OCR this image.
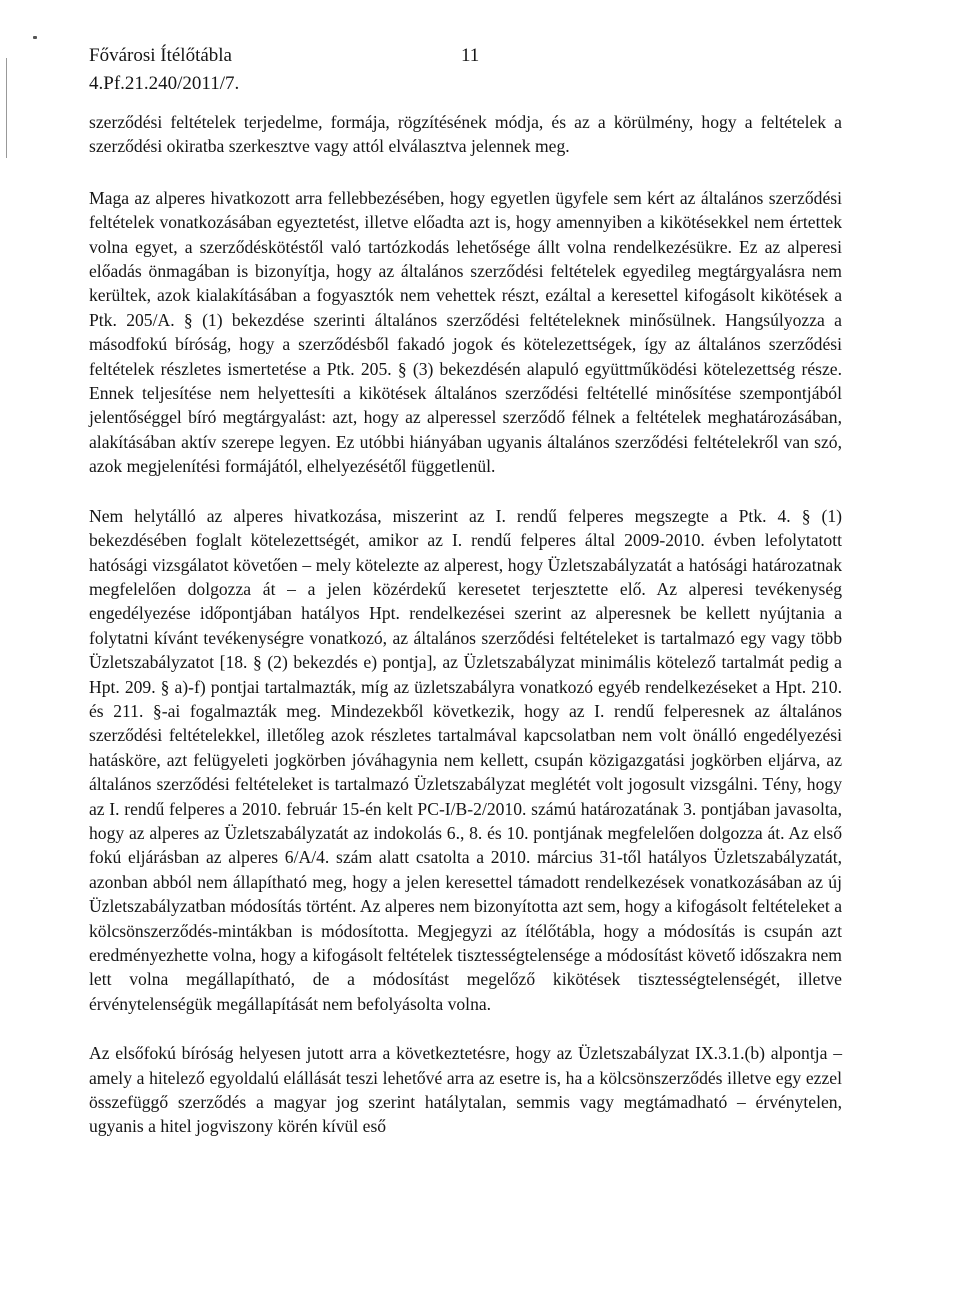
Fővárosi Ítélőtábla	11
4.Pf.21.240/2011/7.

szerződési feltételek terjedelme, formája, rögzítésének módja, és az a körülmény, hogy a feltételek a szerződési okiratba szerkesztve vagy attól elválasztva jelennek meg.

Maga az alperes hivatkozott arra fellebbezésében, hogy egyetlen ügyfele sem kért az általános szerződési feltételek vonatkozásában egyeztetést, illetve előadta azt is, hogy amennyiben a kikötésekkel nem értettek volna egyet, a szerződéskötéstől való tartózkodás lehetősége állt volna rendelkezésükre. Ez az alperesi előadás önmagában is bizonyítja, hogy az általános szerződési feltételek egyedileg megtárgyalásra nem kerültek, azok kialakításában a fogyasztók nem vehettek részt, ezáltal a keresettel kifogásolt kikötések a Ptk. 205/A. § (1) bekezdése szerinti általános szerződési feltételeknek minősülnek. Hangsúlyozza a másodfokú bíróság, hogy a szerződésből fakadó jogok és kötelezettségek, így az általános szerződési feltételek részletes ismertetése a Ptk. 205. § (3) bekezdésén alapuló együttműködési kötelezettség része. Ennek teljesítése nem helyettesíti a kikötések általános szerződési feltétellé minősítése szempontjából jelentőséggel bíró megtárgyalást: azt, hogy az alperessel szerződő félnek a feltételek meghatározásában, alakításában aktív szerepe legyen. Ez utóbbi hiányában ugyanis általános szerződési feltételekről van szó, azok megjelenítési formájától, elhelyezésétől függetlenül.

Nem helytálló az alperes hivatkozása, miszerint az I. rendű felperes megszegte a Ptk. 4. § (1) bekezdésében foglalt kötelezettségét, amikor az I. rendű felperes által 2009-2010. évben lefolytatott hatósági vizsgálatot követően – mely kötelezte az alperest, hogy Üzletszabályzatát a hatósági határozatnak megfelelően dolgozza át – a jelen közérdekű keresetet terjesztette elő. Az alperesi tevékenység engedélyezése időpontjában hatályos Hpt. rendelkezései szerint az alperesnek be kellett nyújtania a folytatni kívánt tevékenységre vonatkozó, az általános szerződési feltételeket is tartalmazó egy vagy több Üzletszabályzatot [18. § (2) bekezdés e) pontja], az Üzletszabályzat minimális kötelező tartalmát pedig a Hpt. 209. § a)-f) pontjai tartalmazták, míg az üzletszabályra vonatkozó egyéb rendelkezéseket a Hpt. 210. és 211. §-ai fogalmazták meg. Mindezekből következik, hogy az I. rendű felperesnek az általános szerződési feltételekkel, illetőleg azok részletes tartalmával kapcsolatban nem volt önálló engedélyezési hatásköre, azt felügyeleti jogkörben jóváhagynia nem kellett, csupán közigazgatási jogkörben eljárva, az általános szerződési feltételeket is tartalmazó Üzletszabályzat meglétét volt jogosult vizsgálni. Tény, hogy az I. rendű felperes a 2010. február 15-én kelt PC-I/B-2/2010. számú határozatának 3. pontjában javasolta, hogy az alperes az Üzletszabályzatát az indokolás 6., 8. és 10. pontjának megfelelően dolgozza át. Az első fokú eljárásban az alperes 6/A/4. szám alatt csatolta a 2010. március 31-től hatályos Üzletszabályzatát, azonban abból nem állapítható meg, hogy a jelen keresettel támadott rendelkezések vonatkozásában az új Üzletszabályzatban módosítás történt. Az alperes nem bizonyította azt sem, hogy a kifogásolt feltételeket a kölcsönszerződés-mintákban is módosította. Megjegyzi az ítélőtábla, hogy a módosítás is csupán azt eredményezhette volna, hogy a kifogásolt feltételek tisztességtelensége a módosítást követő időszakra nem lett volna megállapítható, de a módosítást megelőző kikötések tisztességtelenségét, illetve érvénytelenségük megállapítását nem befolyásolta volna.

Az elsőfokú bíróság helyesen jutott arra a következtetésre, hogy az Üzletszabályzat IX.3.1.(b) alpontja – amely a hitelező egyoldalú elállását teszi lehetővé arra az esetre is, ha a kölcsönszerződés illetve egy ezzel összefüggő szerződés a magyar jog szerint hatálytalan, semmis vagy megtámadható – érvénytelen, ugyanis a hitel jogviszony körén kívül eső
